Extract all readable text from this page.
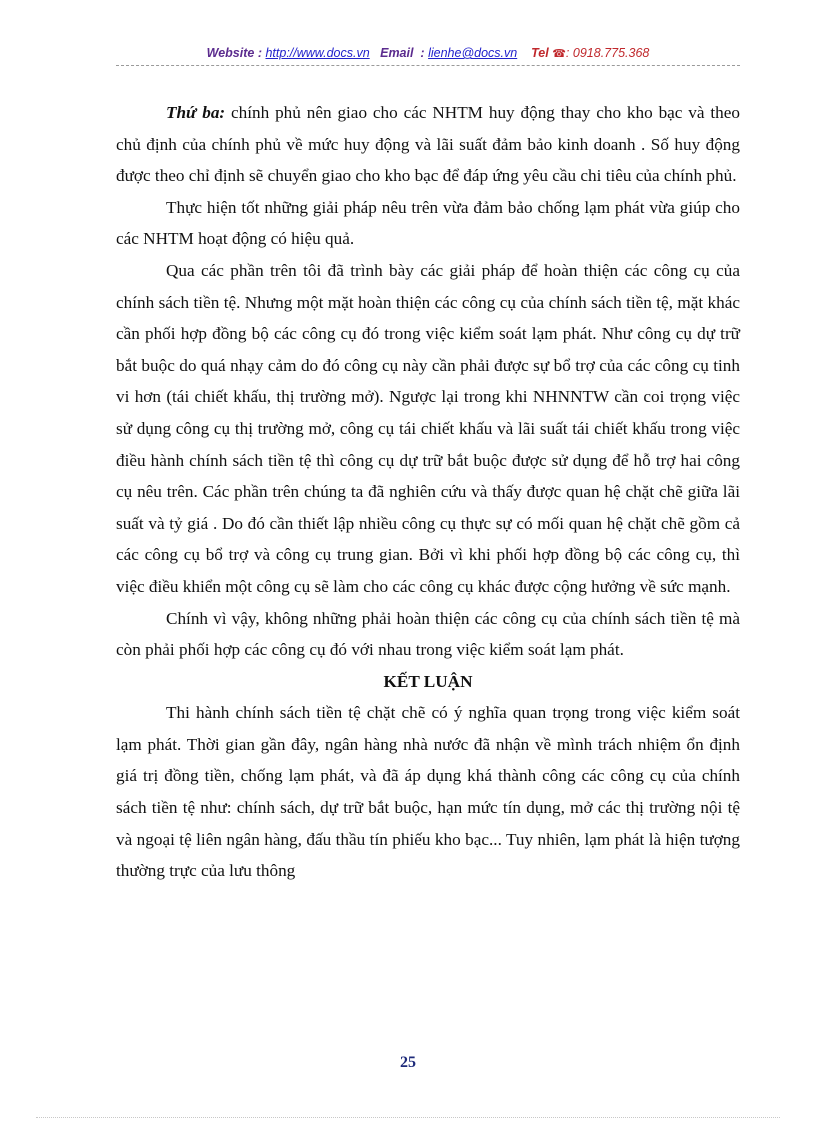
Website : http://www.docs.vn Email : lienhe@docs.vn Tel ☎: 0918.775.368

Thứ ba: chính phủ nên giao cho các NHTM huy động thay cho kho bạc và theo chủ định của chính phủ về mức huy động và lãi suất đảm bảo kinh doanh . Số huy động được theo chỉ định sẽ chuyển giao cho kho bạc để đáp ứng yêu cầu chi tiêu của chính phủ.

Thực hiện tốt những giải pháp nêu trên vừa đảm bảo chống lạm phát vừa giúp cho các NHTM hoạt động có hiệu quả.

Qua các phần trên tôi đã trình bày các giải pháp để hoàn thiện các công cụ của chính sách tiền tệ. Nhưng một mặt hoàn thiện các công cụ của chính sách tiền tệ, mặt khác cần phối hợp đồng bộ các công cụ đó trong việc kiểm soát lạm phát. Như công cụ dự trữ bắt buộc do quá nhạy cảm do đó công cụ này cần phải được sự bổ trợ của các công cụ tinh vi hơn (tái chiết khấu, thị trường mở). Ngược lại trong khi NHNNTW cần coi trọng việc sử dụng công cụ thị trường mở, công cụ tái chiết khấu và lãi suất tái chiết khấu trong việc điều hành chính sách tiền tệ thì công cụ dự trữ bắt buộc được sử dụng để hỗ trợ hai công cụ nêu trên. Các phần trên chúng ta đã nghiên cứu và thấy được quan hệ chặt chẽ giữa lãi suất và tỷ giá . Do đó cần thiết lập nhiều công cụ thực sự có mối quan hệ chặt chẽ gồm cả các công cụ bổ trợ và công cụ trung gian. Bởi vì khi phối hợp đồng bộ các công cụ, thì việc điều khiển một công cụ sẽ làm cho các công cụ khác được cộng hưởng về sức mạnh.

Chính vì vậy, không những phải hoàn thiện các công cụ của chính sách tiền tệ mà còn phải phối hợp các công cụ đó với nhau trong việc kiểm soát lạm phát.

KẾT LUẬN

Thi hành chính sách tiền tệ chặt chẽ có ý nghĩa quan trọng trong việc kiểm soát lạm phát. Thời gian gần đây, ngân hàng nhà nước đã nhận về mình trách nhiệm ổn định giá trị đồng tiền, chống lạm phát, và đã áp dụng khá thành công các công cụ của chính sách tiền tệ như: chính sách, dự trữ bắt buộc, hạn mức tín dụng, mở các thị trường nội tệ và ngoại tệ liên ngân hàng, đấu thầu tín phiếu kho bạc... Tuy nhiên, lạm phát là hiện tượng thường trực của lưu thông

25
